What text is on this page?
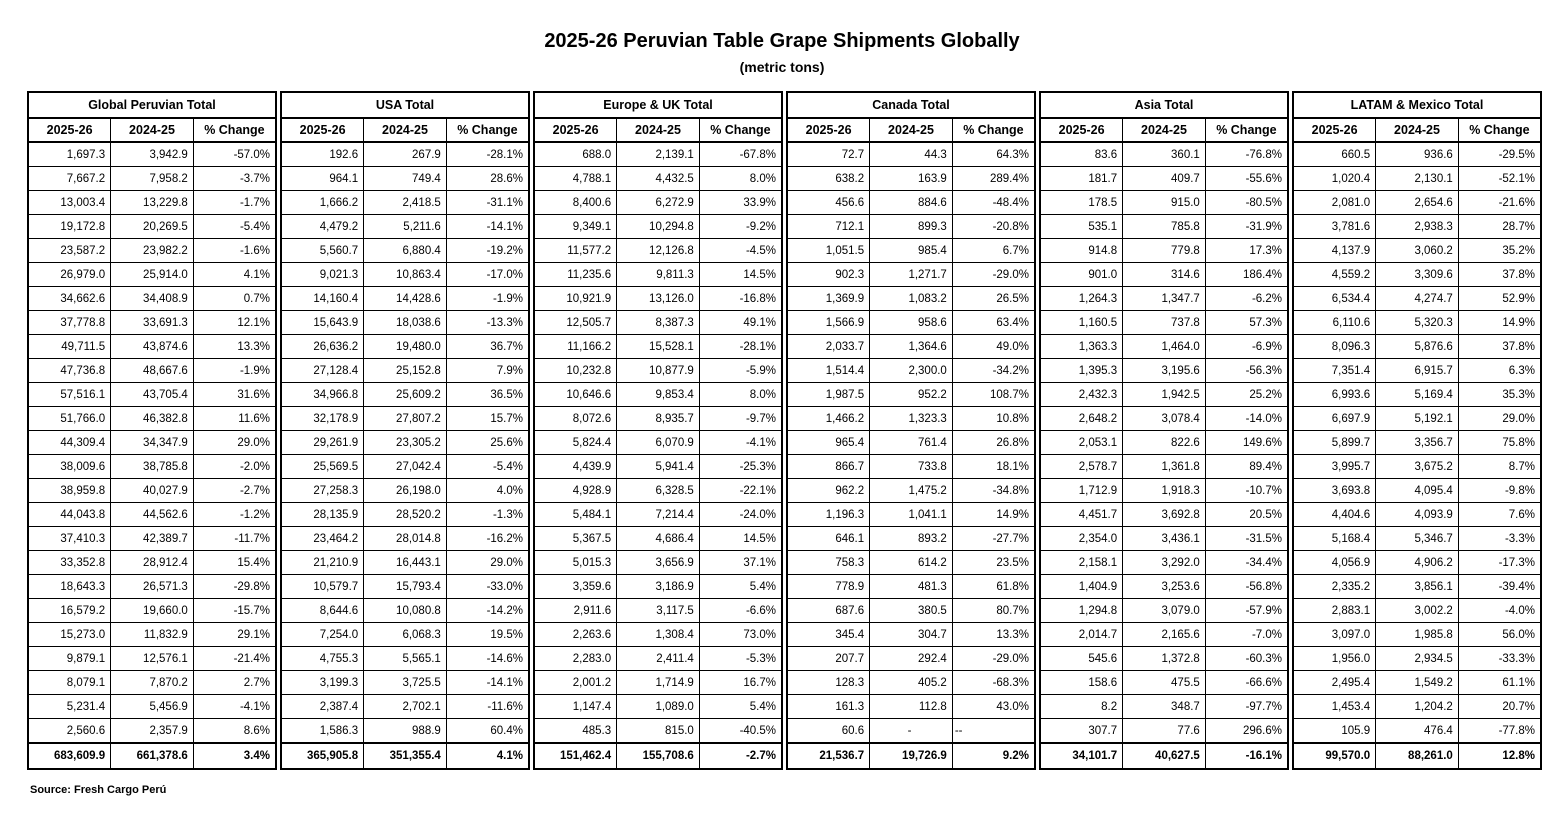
2025-26 Peruvian Table Grape Shipments Globally
(metric tons)
Global Peruvian Total		
2025-26	2024-25	% Change
1,697.3	3,942.9	-57.0%
7,667.2	7,958.2	-3.7%
13,003.4	13,229.8	-1.7%
19,172.8	20,269.5	-5.4%
23,587.2	23,982.2	-1.6%
26,979.0	25,914.0	4.1%
34,662.6	34,408.9	0.7%
37,778.8	33,691.3	12.1%
49,711.5	43,874.6	13.3%
47,736.8	48,667.6	-1.9%
57,516.1	43,705.4	31.6%
51,766.0	46,382.8	11.6%
44,309.4	34,347.9	29.0%
38,009.6	38,785.8	-2.0%
38,959.8	40,027.9	-2.7%
44,043.8	44,562.6	-1.2%
37,410.3	42,389.7	-11.7%
33,352.8	28,912.4	15.4%
18,643.3	26,571.3	-29.8%
16,579.2	19,660.0	-15.7%
15,273.0	11,832.9	29.1%
9,879.1	12,576.1	-21.4%
8,079.1	7,870.2	2.7%
5,231.4	5,456.9	-4.1%
2,560.6	2,357.9	8.6%
683,609.9	661,378.6	3.4%
USA Total		
2025-26	2024-25	% Change
192.6	267.9	-28.1%
964.1	749.4	28.6%
1,666.2	2,418.5	-31.1%
4,479.2	5,211.6	-14.1%
5,560.7	6,880.4	-19.2%
9,021.3	10,863.4	-17.0%
14,160.4	14,428.6	-1.9%
15,643.9	18,038.6	-13.3%
26,636.2	19,480.0	36.7%
27,128.4	25,152.8	7.9%
34,966.8	25,609.2	36.5%
32,178.9	27,807.2	15.7%
29,261.9	23,305.2	25.6%
25,569.5	27,042.4	-5.4%
27,258.3	26,198.0	4.0%
28,135.9	28,520.2	-1.3%
23,464.2	28,014.8	-16.2%
21,210.9	16,443.1	29.0%
10,579.7	15,793.4	-33.0%
8,644.6	10,080.8	-14.2%
7,254.0	6,068.3	19.5%
4,755.3	5,565.1	-14.6%
3,199.3	3,725.5	-14.1%
2,387.4	2,702.1	-11.6%
1,586.3	988.9	60.4%
365,905.8	351,355.4	4.1%
Europe & UK Total		
2025-26	2024-25	% Change
688.0	2,139.1	-67.8%
4,788.1	4,432.5	8.0%
8,400.6	6,272.9	33.9%
9,349.1	10,294.8	-9.2%
11,577.2	12,126.8	-4.5%
11,235.6	9,811.3	14.5%
10,921.9	13,126.0	-16.8%
12,505.7	8,387.3	49.1%
11,166.2	15,528.1	-28.1%
10,232.8	10,877.9	-5.9%
10,646.6	9,853.4	8.0%
8,072.6	8,935.7	-9.7%
5,824.4	6,070.9	-4.1%
4,439.9	5,941.4	-25.3%
4,928.9	6,328.5	-22.1%
5,484.1	7,214.4	-24.0%
5,367.5	4,686.4	14.5%
5,015.3	3,656.9	37.1%
3,359.6	3,186.9	5.4%
2,911.6	3,117.5	-6.6%
2,263.6	1,308.4	73.0%
2,283.0	2,411.4	-5.3%
2,001.2	1,714.9	16.7%
1,147.4	1,089.0	5.4%
485.3	815.0	-40.5%
151,462.4	155,708.6	-2.7%
Canada Total		
2025-26	2024-25	% Change
72.7	44.3	64.3%
638.2	163.9	289.4%
456.6	884.6	-48.4%
712.1	899.3	-20.8%
1,051.5	985.4	6.7%
902.3	1,271.7	-29.0%
1,369.9	1,083.2	26.5%
1,566.9	958.6	63.4%
2,033.7	1,364.6	49.0%
1,514.4	2,300.0	-34.2%
1,987.5	952.2	108.7%
1,466.2	1,323.3	10.8%
965.4	761.4	26.8%
866.7	733.8	18.1%
962.2	1,475.2	-34.8%
1,196.3	1,041.1	14.9%
646.1	893.2	-27.7%
758.3	614.2	23.5%
778.9	481.3	61.8%
687.6	380.5	80.7%
345.4	304.7	13.3%
207.7	292.4	-29.0%
128.3	405.2	-68.3%
161.3	112.8	43.0%
60.6	-	--
21,536.7	19,726.9	9.2%
Asia Total		
2025-26	2024-25	% Change
83.6	360.1	-76.8%
181.7	409.7	-55.6%
178.5	915.0	-80.5%
535.1	785.8	-31.9%
914.8	779.8	17.3%
901.0	314.6	186.4%
1,264.3	1,347.7	-6.2%
1,160.5	737.8	57.3%
1,363.3	1,464.0	-6.9%
1,395.3	3,195.6	-56.3%
2,432.3	1,942.5	25.2%
2,648.2	3,078.4	-14.0%
2,053.1	822.6	149.6%
2,578.7	1,361.8	89.4%
1,712.9	1,918.3	-10.7%
4,451.7	3,692.8	20.5%
2,354.0	3,436.1	-31.5%
2,158.1	3,292.0	-34.4%
1,404.9	3,253.6	-56.8%
1,294.8	3,079.0	-57.9%
2,014.7	2,165.6	-7.0%
545.6	1,372.8	-60.3%
158.6	475.5	-66.6%
8.2	348.7	-97.7%
307.7	77.6	296.6%
34,101.7	40,627.5	-16.1%
LATAM & Mexico Total		
2025-26	2024-25	% Change
660.5	936.6	-29.5%
1,020.4	2,130.1	-52.1%
2,081.0	2,654.6	-21.6%
3,781.6	2,938.3	28.7%
4,137.9	3,060.2	35.2%
4,559.2	3,309.6	37.8%
6,534.4	4,274.7	52.9%
6,110.6	5,320.3	14.9%
8,096.3	5,876.6	37.8%
7,351.4	6,915.7	6.3%
6,993.6	5,169.4	35.3%
6,697.9	5,192.1	29.0%
5,899.7	3,356.7	75.8%
3,995.7	3,675.2	8.7%
3,693.8	4,095.4	-9.8%
4,404.6	4,093.9	7.6%
5,168.4	5,346.7	-3.3%
4,056.9	4,906.2	-17.3%
2,335.2	3,856.1	-39.4%
2,883.1	3,002.2	-4.0%
3,097.0	1,985.8	56.0%
1,956.0	2,934.5	-33.3%
2,495.4	1,549.2	61.1%
1,453.4	1,204.2	20.7%
105.9	476.4	-77.8%
99,570.0	88,261.0	12.8%
Source: Fresh Cargo Perú
